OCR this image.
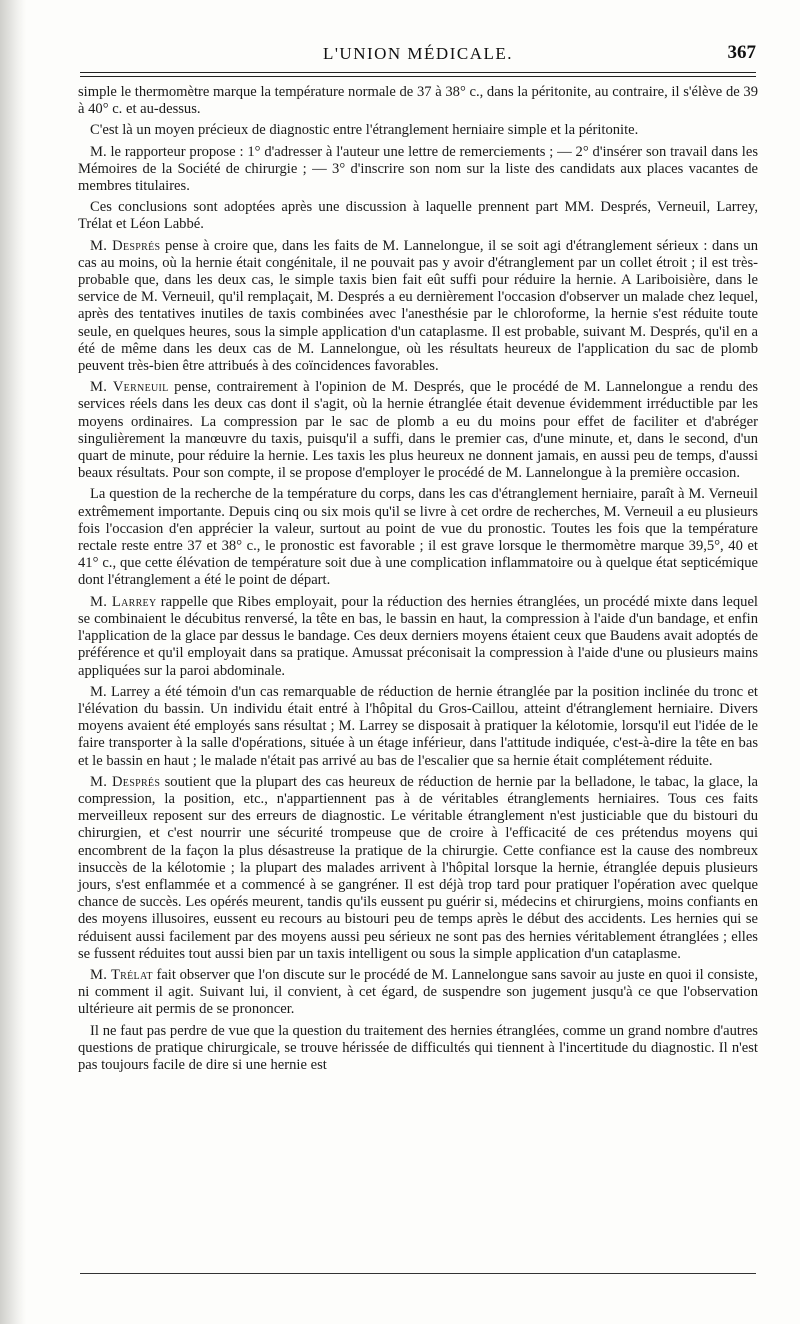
L'UNION MÉDICALE.	367

simple le thermomètre marque la température normale de 37 à 38° c., dans la péritonite, au contraire, il s'élève de 39 à 40° c. et au-dessus.

C'est là un moyen précieux de diagnostic entre l'étranglement herniaire simple et la péritonite.

M. le rapporteur propose : 1° d'adresser à l'auteur une lettre de remerciements ; — 2° d'insérer son travail dans les Mémoires de la Société de chirurgie ; — 3° d'inscrire son nom sur la liste des candidats aux places vacantes de membres titulaires.

Ces conclusions sont adoptées après une discussion à laquelle prennent part MM. Després, Verneuil, Larrey, Trélat et Léon Labbé.

M. Després pense à croire que, dans les faits de M. Lannelongue, il se soit agi d'étranglement sérieux : dans un cas au moins, où la hernie était congénitale, il ne pouvait pas y avoir d'étranglement par un collet étroit ; il est très-probable que, dans les deux cas, le simple taxis bien fait eût suffi pour réduire la hernie. A Lariboisière, dans le service de M. Verneuil, qu'il remplaçait, M. Després a eu dernièrement l'occasion d'observer un malade chez lequel, après des tentatives inutiles de taxis combinées avec l'anesthésie par le chloroforme, la hernie s'est réduite toute seule, en quelques heures, sous la simple application d'un cataplasme. Il est probable, suivant M. Després, qu'il en a été de même dans les deux cas de M. Lannelongue, où les résultats heureux de l'application du sac de plomb peuvent très-bien être attribués à des coïncidences favorables.

M. Verneuil pense, contrairement à l'opinion de M. Després, que le procédé de M. Lannelongue a rendu des services réels dans les deux cas dont il s'agit, où la hernie étranglée était devenue évidemment irréductible par les moyens ordinaires. La compression par le sac de plomb a eu du moins pour effet de faciliter et d'abréger singulièrement la manœuvre du taxis, puisqu'il a suffi, dans le premier cas, d'une minute, et, dans le second, d'un quart de minute, pour réduire la hernie. Les taxis les plus heureux ne donnent jamais, en aussi peu de temps, d'aussi beaux résultats. Pour son compte, il se propose d'employer le procédé de M. Lannelongue à la première occasion.

La question de la recherche de la température du corps, dans les cas d'étranglement herniaire, paraît à M. Verneuil extrêmement importante. Depuis cinq ou six mois qu'il se livre à cet ordre de recherches, M. Verneuil a eu plusieurs fois l'occasion d'en apprécier la valeur, surtout au point de vue du pronostic. Toutes les fois que la température rectale reste entre 37 et 38° c., le pronostic est favorable ; il est grave lorsque le thermomètre marque 39,5°, 40 et 41° c., que cette élévation de température soit due à une complication inflammatoire ou à quelque état septicémique dont l'étranglement a été le point de départ.

M. Larrey rappelle que Ribes employait, pour la réduction des hernies étranglées, un procédé mixte dans lequel se combinaient le décubitus renversé, la tête en bas, le bassin en haut, la compression à l'aide d'un bandage, et enfin l'application de la glace par dessus le bandage. Ces deux derniers moyens étaient ceux que Baudens avait adoptés de préférence et qu'il employait dans sa pratique. Amussat préconisait la compression à l'aide d'une ou plusieurs mains appliquées sur la paroi abdominale.

M. Larrey a été témoin d'un cas remarquable de réduction de hernie étranglée par la position inclinée du tronc et l'élévation du bassin. Un individu était entré à l'hôpital du Gros-Caillou, atteint d'étranglement herniaire. Divers moyens avaient été employés sans résultat ; M. Larrey se disposait à pratiquer la kélotomie, lorsqu'il eut l'idée de le faire transporter à la salle d'opérations, située à un étage inférieur, dans l'attitude indiquée, c'est-à-dire la tête en bas et le bassin en haut ; le malade n'était pas arrivé au bas de l'escalier que sa hernie était complétement réduite.

M. Després soutient que la plupart des cas heureux de réduction de hernie par la belladone, le tabac, la glace, la compression, la position, etc., n'appartiennent pas à de véritables étranglements herniaires. Tous ces faits merveilleux reposent sur des erreurs de diagnostic. Le véritable étranglement n'est justiciable que du bistouri du chirurgien, et c'est nourrir une sécurité trompeuse que de croire à l'efficacité de ces prétendus moyens qui encombrent de la façon la plus désastreuse la pratique de la chirurgie. Cette confiance est la cause des nombreux insuccès de la kélotomie ; la plupart des malades arrivent à l'hôpital lorsque la hernie, étranglée depuis plusieurs jours, s'est enflammée et a commencé à se gangréner. Il est déjà trop tard pour pratiquer l'opération avec quelque chance de succès. Les opérés meurent, tandis qu'ils eussent pu guérir si, médecins et chirurgiens, moins confiants en des moyens illusoires, eussent eu recours au bistouri peu de temps après le début des accidents. Les hernies qui se réduisent aussi facilement par des moyens aussi peu sérieux ne sont pas des hernies véritablement étranglées ; elles se fussent réduites tout aussi bien par un taxis intelligent ou sous la simple application d'un cataplasme.

M. Trélat fait observer que l'on discute sur le procédé de M. Lannelongue sans savoir au juste en quoi il consiste, ni comment il agit. Suivant lui, il convient, à cet égard, de suspendre son jugement jusqu'à ce que l'observation ultérieure ait permis de se prononcer.

Il ne faut pas perdre de vue que la question du traitement des hernies étranglées, comme un grand nombre d'autres questions de pratique chirurgicale, se trouve hérissée de difficultés qui tiennent à l'incertitude du diagnostic. Il n'est pas toujours facile de dire si une hernie est
